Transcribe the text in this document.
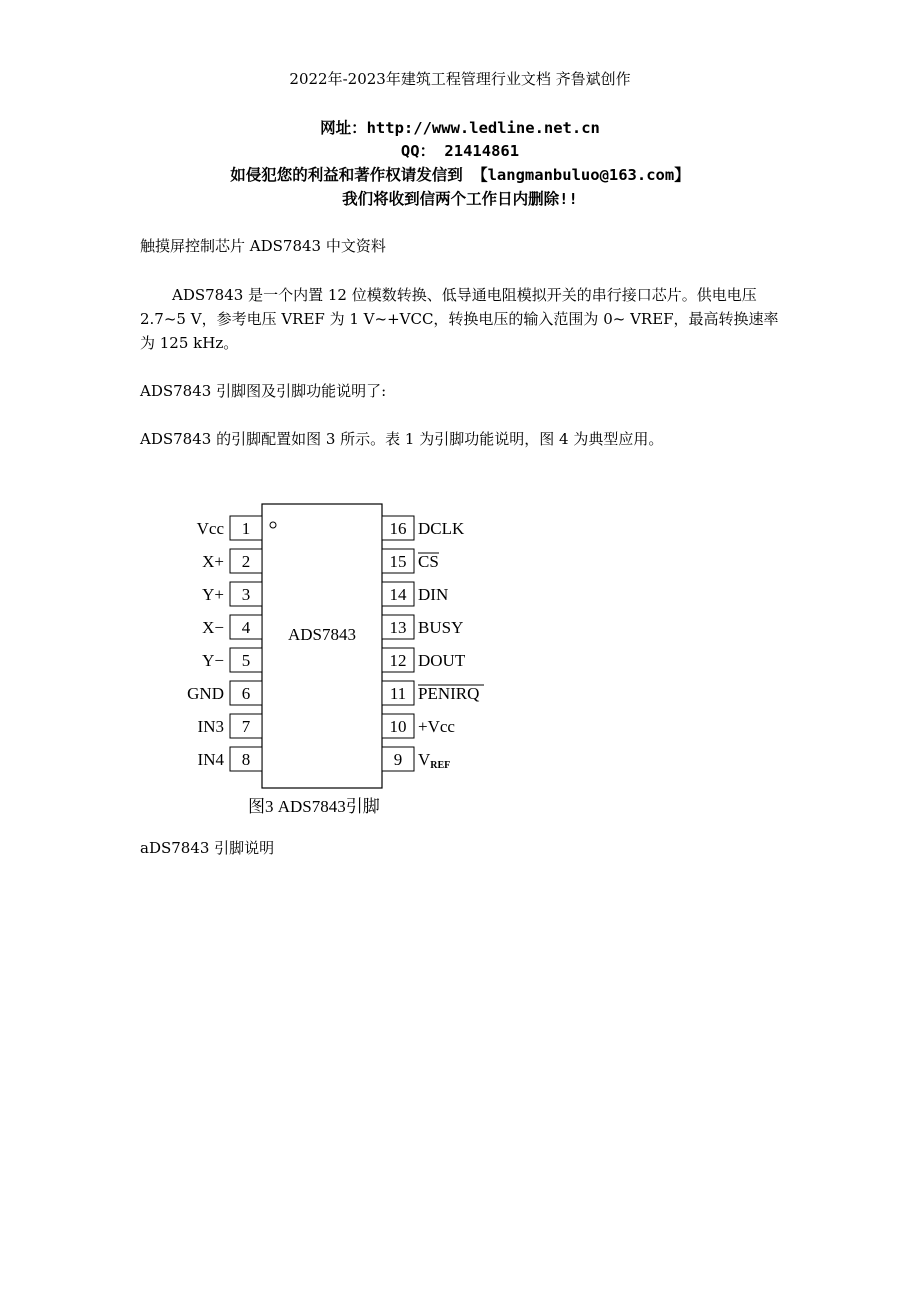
2022年-2023年建筑工程管理行业文档 齐鲁斌创作
网址：http://www.ledline.net.cn
QQ： 21414861
如侵犯您的利益和著作权请发信到 【langmanbuluo@163.com】
我们将收到信两个工作日内删除!!
触摸屏控制芯片 ADS7843 中文资料
ADS7843 是一个内置 12 位模数转换、低导通电阻模拟开关的串行接口芯片。供电电压 2.7~5 V，参考电压 VREF 为 1 V~+VCC，转换电压的输入范围为 0~ VREF，最高转换速率为 125 kHz。
ADS7843 引脚图及引脚功能说明了:
ADS7843 的引脚配置如图 3 所示。表 1 为引脚功能说明，图 4 为典型应用。
ADS7843
1
Vcc
2
X+
3
Y+
4
X−
5
Y−
6
GND
7
IN3
8
IN4
16 DCLK
15 CS
14 DIN
13 BUSY
12 DOUT
11 PENIRQ
10 +Vcc
9 VREF
图3 ADS7843引脚
aDS7843 引脚说明
